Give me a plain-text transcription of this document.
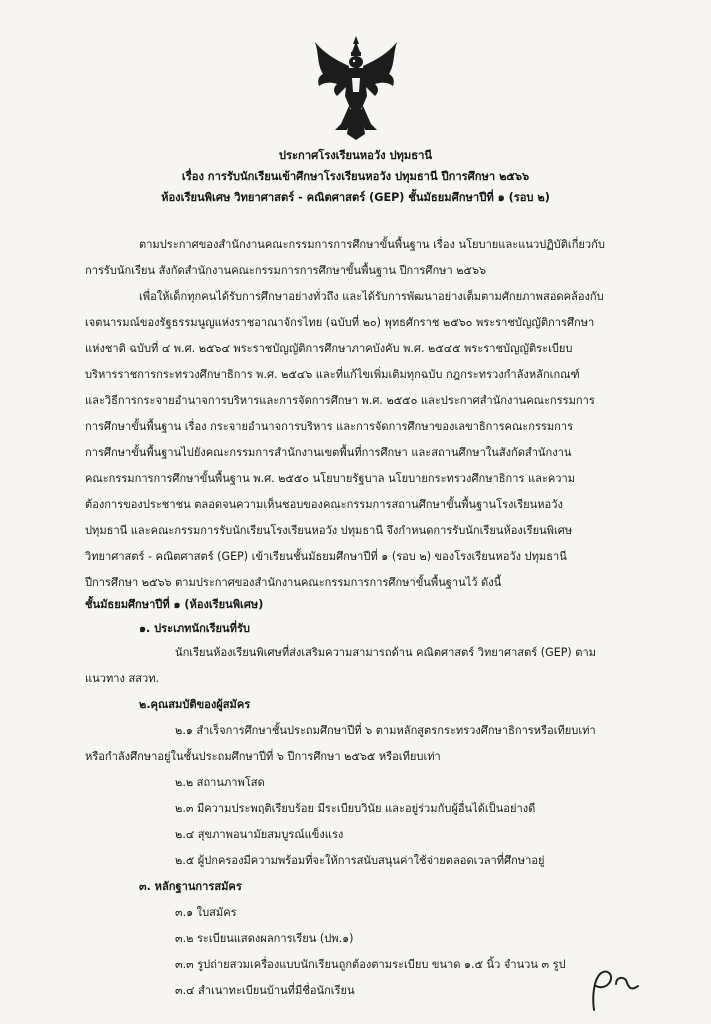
ประกาศโรงเรียนหอวัง ปทุมธานี
เรื่อง การรับนักเรียนเข้าศึกษาโรงเรียนหอวัง ปทุมธานี ปีการศึกษา ๒๕๖๖
ห้องเรียนพิเศษ วิทยาศาสตร์ - คณิตศาสตร์ (GEP) ชั้นมัธยมศึกษาปีที่ ๑ (รอบ ๒)
ตามประกาศของสำนักงานคณะกรรมการการศึกษาขั้นพื้นฐาน เรื่อง นโยบายและแนวปฏิบัติเกี่ยวกับ
การรับนักเรียน สังกัดสำนักงานคณะกรรมการการศึกษาขั้นพื้นฐาน ปีการศึกษา ๒๕๖๖
เพื่อให้เด็กทุกคนได้รับการศึกษาอย่างทั่วถึง และได้รับการพัฒนาอย่างเต็มตามศักยภาพสอดคล้องกับ
เจตนารมณ์ของรัฐธรรมนูญแห่งราชอาณาจักรไทย (ฉบับที่ ๒๐) พุทธศักราช ๒๕๖๐ พระราชบัญญัติการศึกษา
แห่งชาติ ฉบับที่ ๔ พ.ศ. ๒๕๖๔ พระราชบัญญัติการศึกษาภาคบังคับ พ.ศ. ๒๕๔๕ พระราชบัญญัติระเบียบ
บริหารราชการกระทรวงศึกษาธิการ พ.ศ. ๒๕๔๖ และที่แก้ไขเพิ่มเติมทุกฉบับ กฎกระทรวงกำลังหลักเกณฑ์
และวิธีการกระจายอำนาจการบริหารและการจัดการศึกษา พ.ศ. ๒๕๕๐ และประกาศสำนักงานคณะกรรมการ
การศึกษาขั้นพื้นฐาน เรื่อง กระจายอำนาจการบริหาร และการจัดการศึกษาของเลขาธิการคณะกรรมการ
การศึกษาขั้นพื้นฐานไปยังคณะกรรมการสำนักงานเขตพื้นที่การศึกษา และสถานศึกษาในสังกัดสำนักงาน
คณะกรรมการการศึกษาขั้นพื้นฐาน พ.ศ. ๒๕๕๐ นโยบายรัฐบาล นโยบายกระทรวงศึกษาธิการ และความ
ต้องการของประชาชน ตลอดจนความเห็นชอบของคณะกรรมการสถานศึกษาขั้นพื้นฐานโรงเรียนหอวัง
ปทุมธานี และคณะกรรมการรับนักเรียนโรงเรียนหอวัง ปทุมธานี จึงกำหนดการรับนักเรียนห้องเรียนพิเศษ
วิทยาศาสตร์ - คณิตศาสตร์ (GEP) เข้าเรียนชั้นมัธยมศึกษาปีที่ ๑ (รอบ ๒) ของโรงเรียนหอวัง ปทุมธานี
ปีการศึกษา ๒๕๖๖ ตามประกาศของสำนักงานคณะกรรมการการศึกษาขั้นพื้นฐานไว้ ดังนี้
ชั้นมัธยมศึกษาปีที่ ๑ (ห้องเรียนพิเศษ)
๑. ประเภทนักเรียนที่รับ
นักเรียนห้องเรียนพิเศษที่ส่งเสริมความสามารถด้าน คณิตศาสตร์ วิทยาศาสตร์ (GEP) ตาม
แนวทาง สสวท.
๒.คุณสมบัติของผู้สมัคร
๒.๑ สำเร็จการศึกษาชั้นประถมศึกษาปีที่ ๖ ตามหลักสูตรกระทรวงศึกษาธิการหรือเทียบเท่า
หรือกำลังศึกษาอยู่ในชั้นประถมศึกษาปีที่ ๖ ปีการศึกษา ๒๕๖๕ หรือเทียบเท่า
๒.๒ สถานภาพโสด
๒.๓ มีความประพฤติเรียบร้อย มีระเบียบวินัย และอยู่ร่วมกับผู้อื่นได้เป็นอย่างดี
๒.๔ สุขภาพอนามัยสมบูรณ์แข็งแรง
๒.๕ ผู้ปกครองมีความพร้อมที่จะให้การสนับสนุนค่าใช้จ่ายตลอดเวลาที่ศึกษาอยู่
๓. หลักฐานการสมัคร
๓.๑ ใบสมัคร
๓.๒ ระเบียนแสดงผลการเรียน (ปพ.๑)
๓.๓ รูปถ่ายสวมเครื่องแบบนักเรียนถูกต้องตามระเบียบ ขนาด ๑.๕ นิ้ว จำนวน ๓ รูป
๓.๔ สำเนาทะเบียนบ้านที่มีชื่อนักเรียน
